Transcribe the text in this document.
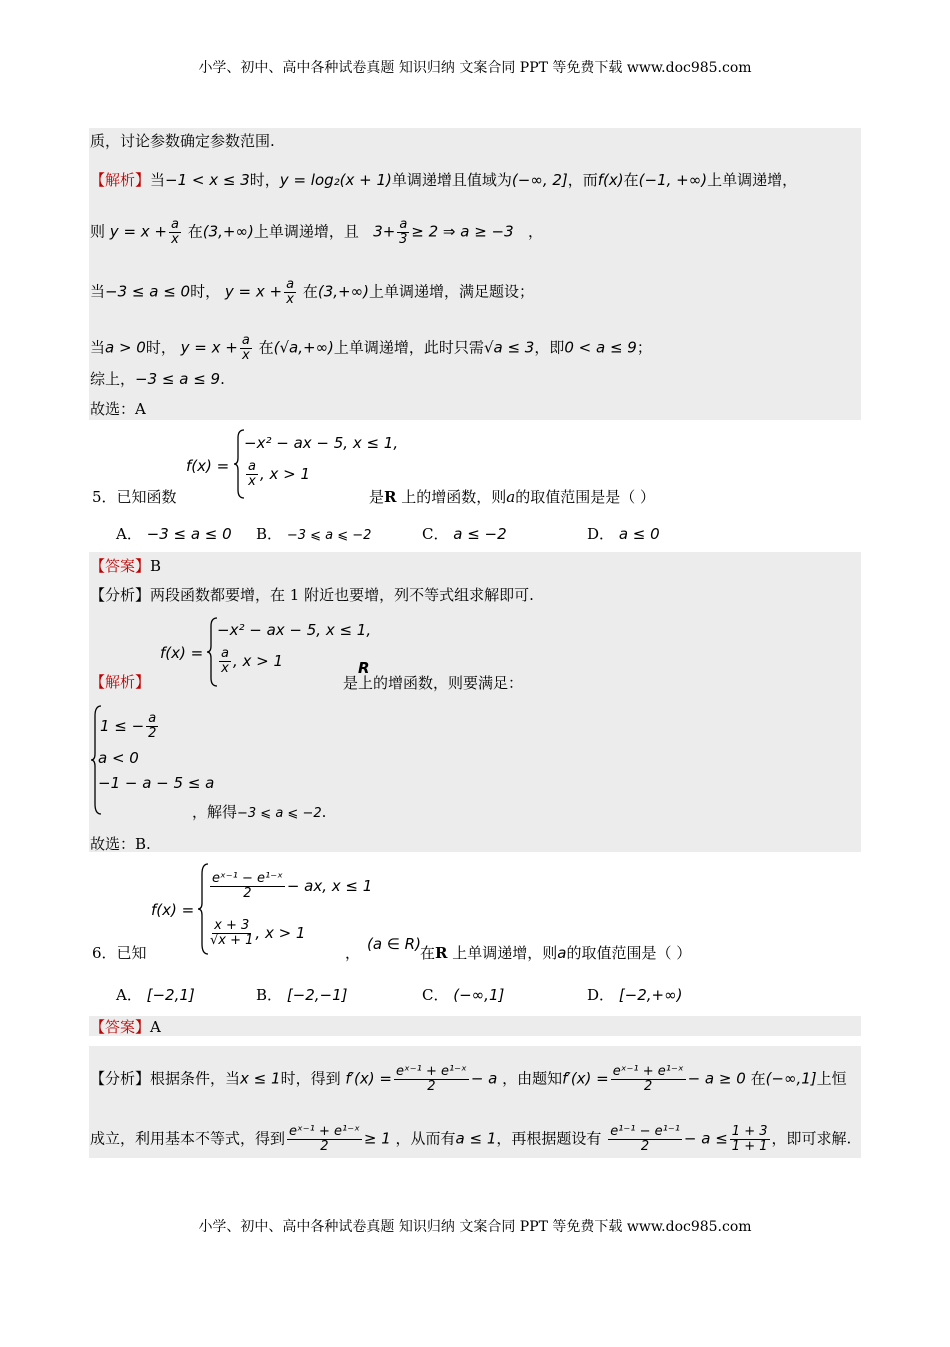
小学、初中、高中各种试卷真题 知识归纳 文案合同 PPT 等免费下载 www.doc985.com
小学、初中、高中各种试卷真题 知识归纳 文案合同 PPT 等免费下载 www.doc985.com
质，讨论参数确定参数范围.
【解析】当−1 < x ≤ 3时，y = log₂(x + 1)单调递增且值域为(−∞, 2]，而f(x)在(−1, +∞)上单调递增，
则 $y = x + \frac{a}{x}$ 在(3,+∞)上单调递增，且 $3+ \frac{a}{3} \ge 2$ ⇒ a ≥ −3 ，
当−3 ≤ a ≤ 0时， $y = x + \frac{a}{x}$ 在(3,+∞)上单调递增，满足题设；
当a > 0时， $y = x + \frac{a}{x}$ 在(√a,+∞)上单调递增，此时只需√a ≤ 3，即0 < a ≤ 9；
综上，−3 ≤ a ≤ 9.
故选：A
f(x) =
−x² − ax − 5, x ≤ 1,
$\frac{a}{x}$ , x > 1
5．已知函数	是R 上的增函数，则a的取值范围是是（ ）
A． −3 ≤ a ≤ 0 B． −3 ⩽ a ⩽ −2	C． a ≤ −2	D． a ≤ 0
【答案】B
【分析】两段函数都要增，在 1 附近也要增，列不等式组求解即可.
f(x) =
−x² − ax − 5, x ≤ 1,
$\frac{a}{x}$ , x > 1
【解析】
R
是上的增函数，则要满足：
1 ≤ − $\frac{a}{2}$
a < 0
−1 − a − 5 ≤ a
，解得−3 ⩽ a ⩽ −2.
故选：B.
f(x) =
$\frac{\text{eˣ⁻¹ − e¹⁻ˣ}}{2}$ − ax, x ≤ 1
$\frac{x + 3}{√x + 1}$ , x > 1
6．已知	， (a ∈ R) 在R 上单调递增，则a的取值范围是（ ）
A． [−2,1]	B． [−2,−1]	C． (−∞,1]	D． [−2,+∞)
【答案】A
【分析】根据条件，当x ≤ 1时，得到 $f'(x) = \frac{\text{eˣ⁻¹ + e¹⁻ˣ}}{2} - a$ ，由题知$f'(x) = \frac{\text{eˣ⁻¹ + e¹⁻ˣ}}{2} - a \ge 0$ 在(−∞,1]上恒
成立，利用基本不等式，得到 $\frac{\text{eˣ⁻¹ + e¹⁻ˣ}}{2} \ge 1$ ，从而有a ≤ 1，再根据题设有 $\frac{\text{e¹⁻¹ − e¹⁻¹}}{2} - a \le \frac{1 + 3}{1 + 1}$ ，即可求解.
